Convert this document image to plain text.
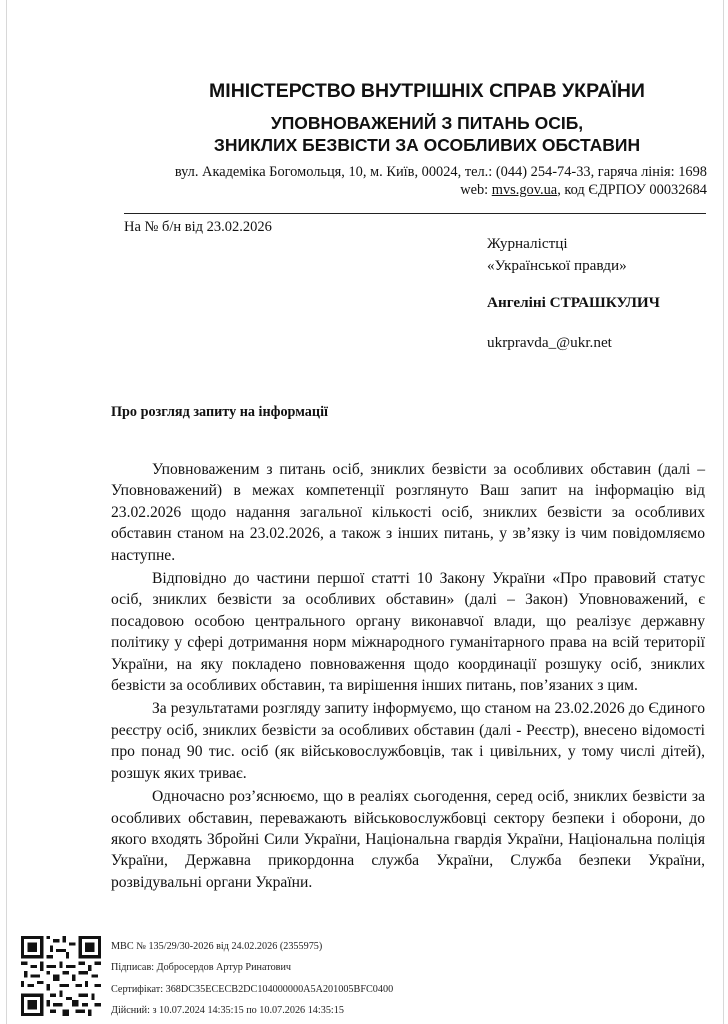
МІНІСТЕРСТВО ВНУТРІШНІХ СПРАВ УКРАЇНИ
УПОВНОВАЖЕНИЙ З ПИТАНЬ ОСІБ,
ЗНИКЛИХ БЕЗВІСТИ ЗА ОСОБЛИВИХ ОБСТАВИН
вул. Академіка Богомольця, 10, м. Київ, 00024, тел.: (044) 254-74-33, гаряча лінія: 1698
web: mvs.gov.ua, код ЄДРПОУ 00032684
На № б/н від 23.02.2026
Журналістці
«Української правди»
Ангеліні СТРАШКУЛИЧ
ukrpravda_@ukr.net
Про розгляд запиту на інформації

Уповноваженим з питань осіб, зниклих безвісти за особливих обставин (далі – Уповноважений) в межах компетенції розглянуто Ваш запит на інформацію від 23.02.2026 щодо надання загальної кількості осіб, зниклих безвісти за особливих обставин станом на 23.02.2026, а також з інших питань, у зв’язку із чим повідомляємо наступне.

Відповідно до частини першої статті 10 Закону України «Про правовий статус осіб, зниклих безвісти за особливих обставин» (далі – Закон) Уповноважений, є посадовою особою центрального органу виконавчої влади, що реалізує державну політику у сфері дотримання норм міжнародного гуманітарного права на всій території України, на яку покладено повноваження щодо координації розшуку осіб, зниклих безвісти за особливих обставин, та вирішення інших питань, пов’язаних з цим.

За результатами розгляду запиту інформуємо, що станом на 23.02.2026 до Єдиного реєстру осіб, зниклих безвісти за особливих обставин (далі - Реєстр), внесено відомості про понад 90 тис. осіб (як військовослужбовців, так і цивільних, у тому числі дітей), розшук яких триває.

Одночасно роз’яснюємо, що в реаліях сьогодення, серед осіб, зниклих безвісти за особливих обставин, переважають військовослужбовці сектору безпеки і оборони, до якого входять Збройні Сили України, Національна гвардія України, Національна поліція України, Державна прикордонна служба України, Служба безпеки України, розвідувальні органи України.

МВС № 135/29/30-2026 від 24.02.2026 (2355975)
Підписав: Добросердов Артур Ринатович
Сертифікат: 368DC35ECECB2DC104000000A5A201005BFC0400
Дійсний: з 10.07.2024 14:35:15 по 10.07.2026 14:35:15
